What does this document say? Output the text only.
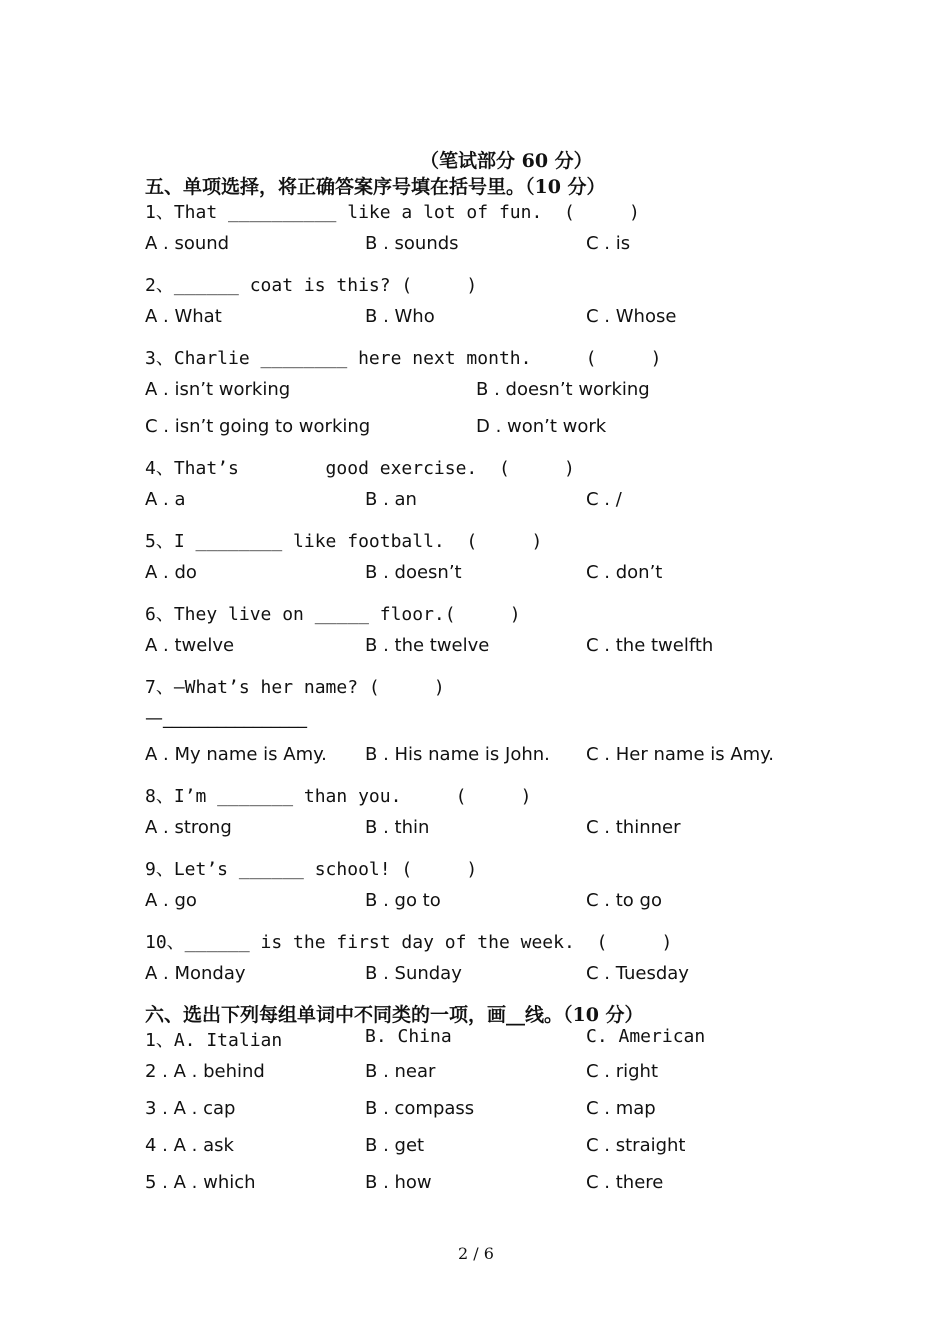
（笔试部分 60 分）
五、单项选择，将正确答案序号填在括号里。（10 分）
1、That __________ like a lot of fun.  (     )
A . sound	B . sounds	C . is
2、______ coat is this? (     )
A . What	B . Who	C . Whose
3、Charlie ________ here next month.     (     )
A . isn’t working	B . doesn’t working
C . isn’t going to working	D . won’t work
4、That’s        good exercise.  (     )
A . a	B . an	C . /
5、I ________ like football.  (     )
A . do	B . doesn’t	C . don’t
6、They live on _____ floor.(     )
A . twelve	B . the twelve	C . the twelfth
7、—What’s her name? (     )
—________________
A . My name is Amy. B . His name is John. C . Her name is Amy.
8、I’m _______ than you.     (     )
A . strong	B . thin	C . thinner
9、Let’s ______ school! (     )
A . go	B . go to	C . to go
10、______ is the first day of the week.  (     )
A . Monday	B . Sunday	C . Tuesday
六、选出下列每组单词中不同类的一项，画__线。（10 分）
1、A. Italian	B. China	C. American
2 . A . behind	B . near	C . right
3 . A . cap	B . compass	C . map
4 . A . ask	B . get	C . straight
5 . A . which	B . how	C . there
2 / 6
